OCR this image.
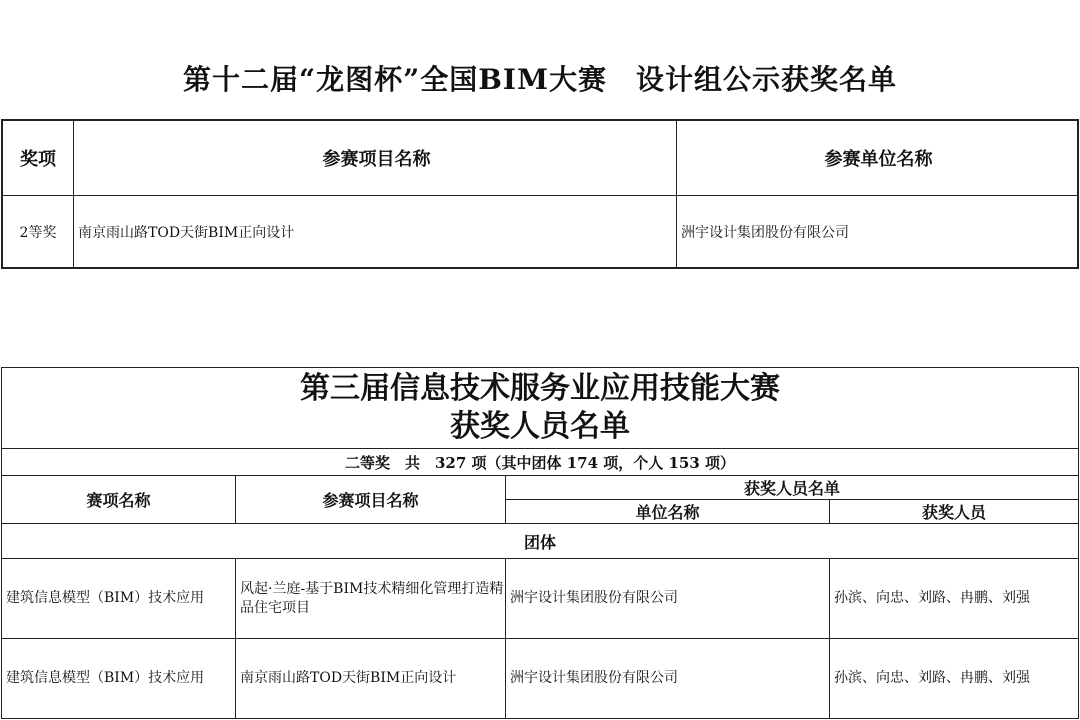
第十二届“龙图杯”全国BIM大赛　设计组公示获奖名单
奖项	参赛项目名称	参赛单位名称
2等奖	南京雨山路TOD天街BIM正向设计	洲宇设计集团股份有限公司
第三届信息技术服务业应用技能大赛
获奖人员名单			

二等奖　共　327 项（其中团体 174 项，个人 153 项）			
赛项名称	参赛项目名称	获奖人员名单	
		单位名称	获奖人员
团体			
建筑信息模型（BIM）技术应用	风起·兰庭-基于BIM技术精细化管理打造精品住宅项目	洲宇设计集团股份有限公司	孙滨、向忠、刘路、冉鹏、刘强
建筑信息模型（BIM）技术应用	南京雨山路TOD天街BIM正向设计	洲宇设计集团股份有限公司	孙滨、向忠、刘路、冉鹏、刘强
